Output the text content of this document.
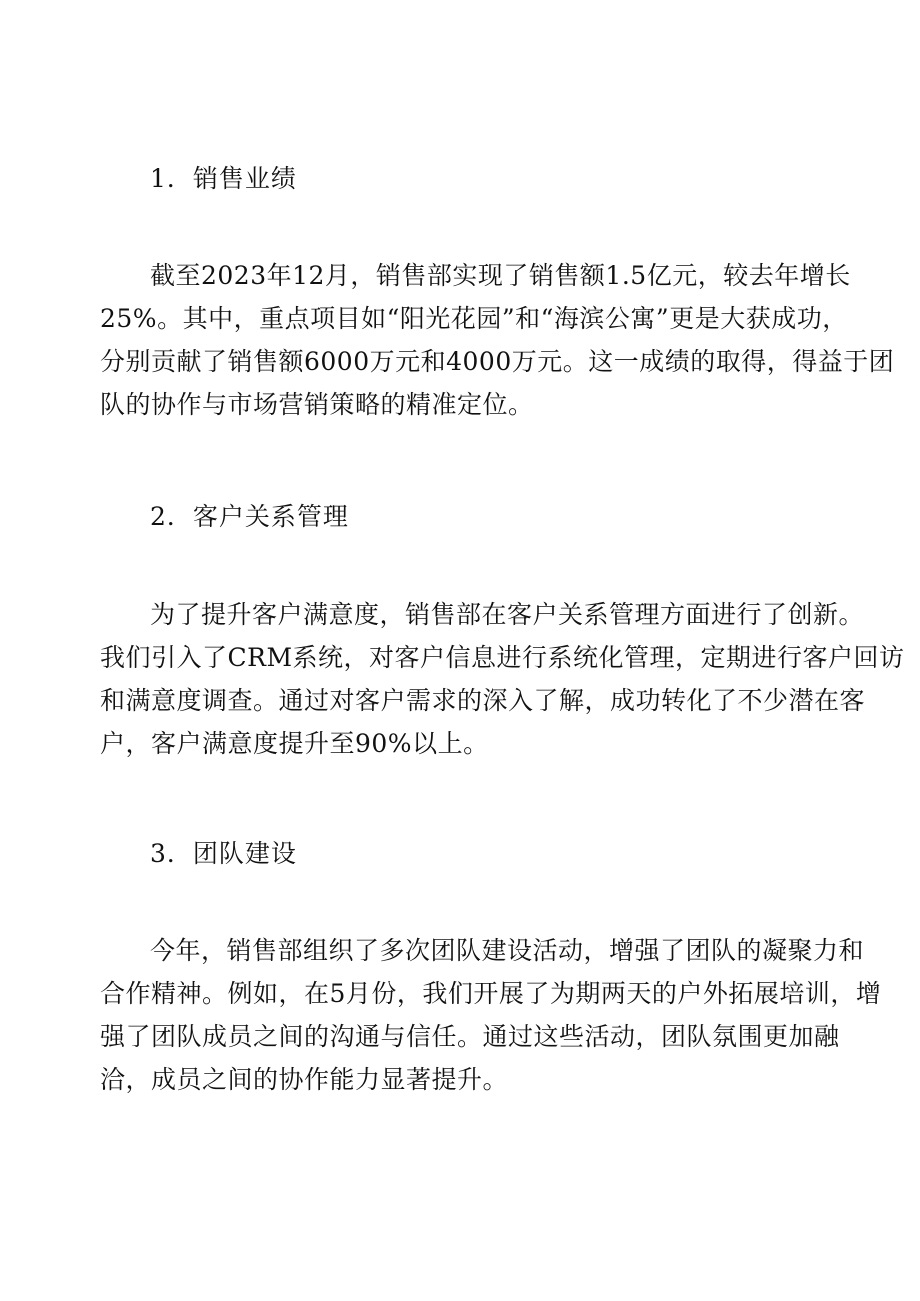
1．销售业绩
截至2023年12月，销售部实现了销售额1.5亿元，较去年增长
25%。其中，重点项目如“阳光花园”和“海滨公寓”更是大获成功，
分别贡献了销售额6000万元和4000万元。这一成绩的取得，得益于团
队的协作与市场营销策略的精准定位。
2．客户关系管理
为了提升客户满意度，销售部在客户关系管理方面进行了创新。
我们引入了CRM系统，对客户信息进行系统化管理，定期进行客户回访
和满意度调查。通过对客户需求的深入了解，成功转化了不少潜在客
户，客户满意度提升至90%以上。
3．团队建设
今年，销售部组织了多次团队建设活动，增强了团队的凝聚力和
合作精神。例如，在5月份，我们开展了为期两天的户外拓展培训，增
强了团队成员之间的沟通与信任。通过这些活动，团队氛围更加融
洽，成员之间的协作能力显著提升。
